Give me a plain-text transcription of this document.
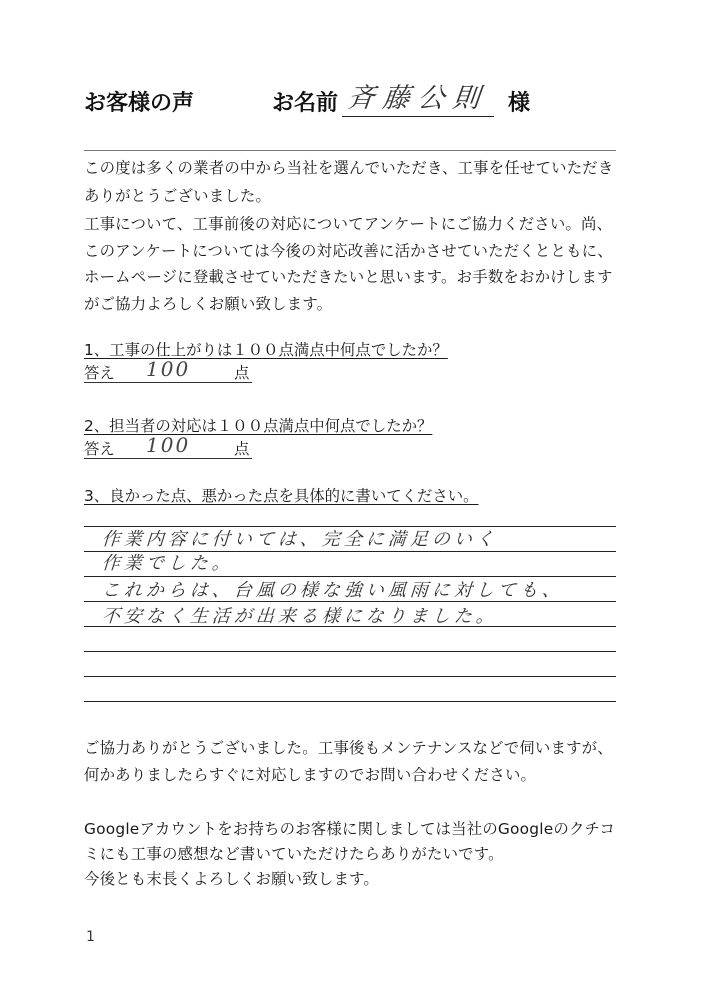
お客様の声	お名前 斉藤公則 様

この度は多くの業者の中から当社を選んでいただき、工事を任せていただきありがとうございました。

工事について、工事前後の対応についてアンケートにご協力ください。尚、このアンケートについては今後の対応改善に活かさせていただくとともに、ホームページに登載させていただきたいと思います。お手数をおかけしますがご協力よろしくお願い致します。

1、工事の仕上がりは１００点満点中何点でしたか？
答え 100	点
2、担当者の対応は１００点満点中何点でしたか？
答え 100	点
3、良かった点、悪かった点を具体的に書いてください。
作業内容に付いては、完全に満足のいく
作業でした。
これからは、台風の様な強い風雨に対しても、
不安なく生活が出来る様になりました。

ご協力ありがとうございました。工事後もメンテナンスなどで伺いますが、何かありましたらすぐに対応しますのでお問い合わせください。

Googleアカウントをお持ちのお客様に関しましては当社のGoogleのクチコミにも工事の感想など書いていただけたらありがたいです。
今後とも末長くよろしくお願い致します。
1
